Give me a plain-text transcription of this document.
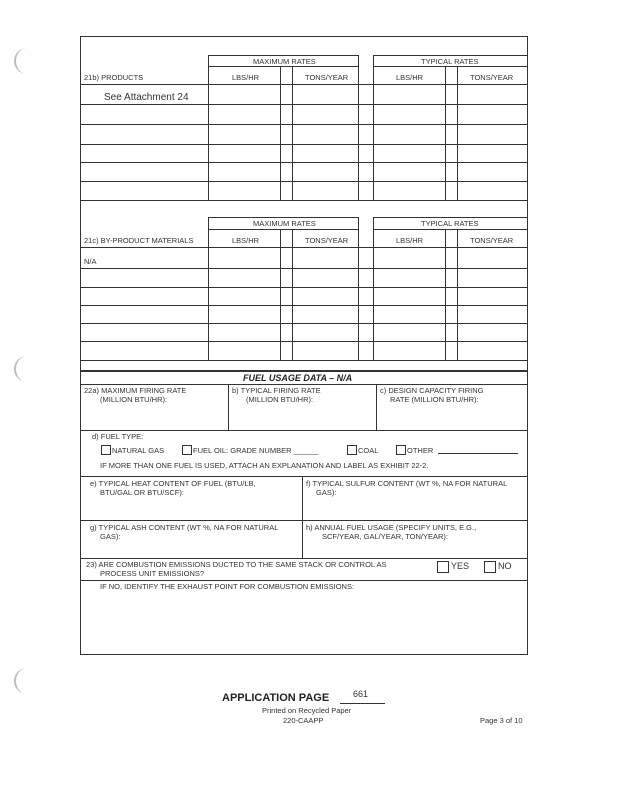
MAXIMUM RATES	TYPICAL RATES
21b) PRODUCTS	LBS/HR	TONS/YEAR	LBS/HR	TONS/YEAR
See Attachment 24
MAXIMUM RATES	TYPICAL RATES
21c) BY-PRODUCT MATERIALS	LBS/HR	TONS/YEAR	LBS/HR	TONS/YEAR
N/A
FUEL USAGE DATA – N/A
22a) MAXIMUM FIRING RATE
(MILLION BTU/HR):
b) TYPICAL FIRING RATE
(MILLION BTU/HR):
c) DESIGN CAPACITY FIRING
RATE (MILLION BTU/HR):
d) FUEL TYPE:
NATURAL GAS	FUEL OIL: GRADE NUMBER ______	COAL	OTHER
IF MORE THAN ONE FUEL IS USED, ATTACH AN EXPLANATION AND LABEL AS EXHIBIT 22-2.
e) TYPICAL HEAT CONTENT OF FUEL (BTU/LB,
BTU/GAL OR BTU/SCF):
f) TYPICAL SULFUR CONTENT (WT %, NA FOR NATURAL
GAS):
g) TYPICAL ASH CONTENT (WT %, NA FOR NATURAL
GAS):
h) ANNUAL FUEL USAGE (SPECIFY UNITS, E.G.,
SCF/YEAR, GAL/YEAR, TON/YEAR):
23) ARE COMBUSTION EMISSIONS DUCTED TO THE SAME STACK OR CONTROL AS
PROCESS UNIT EMISSIONS?
YES	NO
IF NO, IDENTIFY THE EXHAUST POINT FOR COMBUSTION EMISSIONS:
APPLICATION PAGE	661
Printed on Recycled Paper
220-CAAPP	Page 3 of 10
